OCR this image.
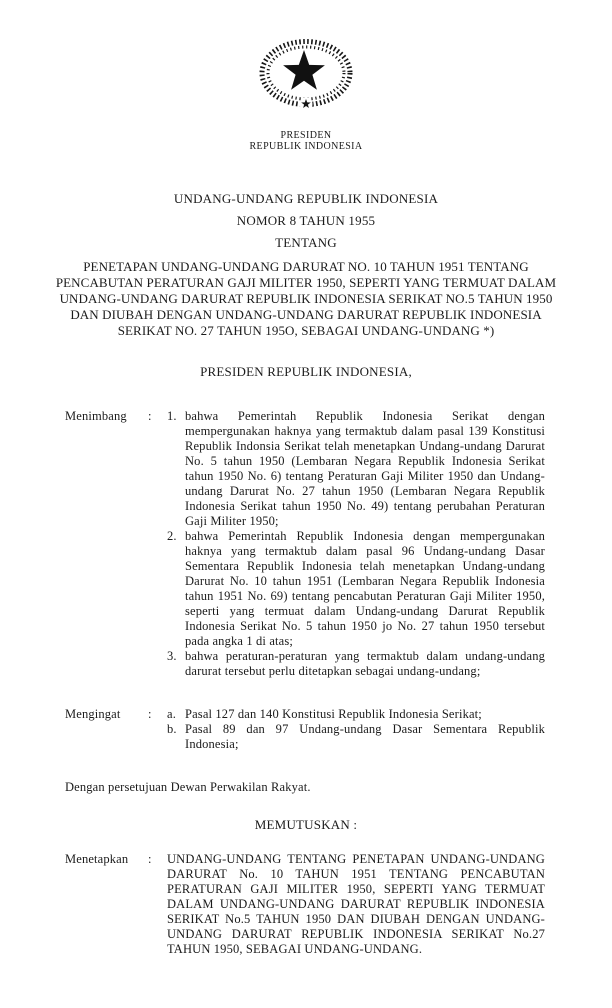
PRESIDEN
REPUBLIK INDONESIA

UNDANG-UNDANG REPUBLIK INDONESIA

NOMOR 8 TAHUN 1955

TENTANG

PENETAPAN UNDANG-UNDANG DARURAT NO. 10 TAHUN 1951 TENTANG PENCABUTAN PERATURAN GAJI MILITER 1950, SEPERTI YANG TERMUAT DALAM UNDANG-UNDANG DARURAT REPUBLIK INDONESIA SERIKAT NO.5 TAHUN 1950 DAN DIUBAH DENGAN UNDANG-UNDANG DARURAT REPUBLIK INDONESIA SERIKAT NO. 27 TAHUN 195O, SEBAGAI UNDANG-UNDANG *)

PRESIDEN REPUBLIK INDONESIA,

Menimbang	:	1. bahwa Pemerintah Republik Indonesia Serikat dengan mempergunakan haknya yang termaktub dalam pasal 139 Konstitusi Republik Indonsia Serikat telah menetapkan Undang-undang Darurat No. 5 tahun 1950 (Lembaran Negara Republik Indonesia Serikat tahun 1950 No. 6) tentang Peraturan Gaji Militer 1950 dan Undang-undang Darurat No. 27 tahun 1950 (Lembaran Negara Republik Indonesia Serikat tahun 1950 No. 49) tentang perubahan Peraturan Gaji Militer 1950;
2. bahwa Pemerintah Republik Indonesia dengan mempergunakan haknya yang termaktub dalam pasal 96 Undang-undang Dasar Sementara Republik Indonesia telah menetapkan Undang-undang Darurat No. 10 tahun 1951 (Lembaran Negara Republik Indonesia tahun 1951 No. 69) tentang pencabutan Peraturan Gaji Militer 1950, seperti yang termuat dalam Undang-undang Darurat Republik Indonesia Serikat No. 5 tahun 1950 jo No. 27 tahun 1950 tersebut pada angka 1 di atas;
3. bahwa peraturan-peraturan yang termaktub dalam undang-undang darurat tersebut perlu ditetapkan sebagai undang-undang;
Mengingat	:	a. Pasal 127 dan 140 Konstitusi Republik Indonesia Serikat;
b. Pasal 89 dan 97 Undang-undang Dasar Sementara Republik Indonesia;

Dengan persetujuan Dewan Perwakilan Rakyat.

MEMUTUSKAN :

Menetapkan	:	UNDANG-UNDANG TENTANG PENETAPAN UNDANG-UNDANG DARURAT No. 10 TAHUN 1951 TENTANG PENCABUTAN PERATURAN GAJI MILITER 1950, SEPERTI YANG TERMUAT DALAM UNDANG-UNDANG DARURAT REPUBLIK INDONESIA SERIKAT No.5 TAHUN 1950 DAN DIUBAH DENGAN UNDANG-UNDANG DARURAT REPUBLIK INDONESIA SERIKAT No.27 TAHUN 1950, SEBAGAI UNDANG-UNDANG.
